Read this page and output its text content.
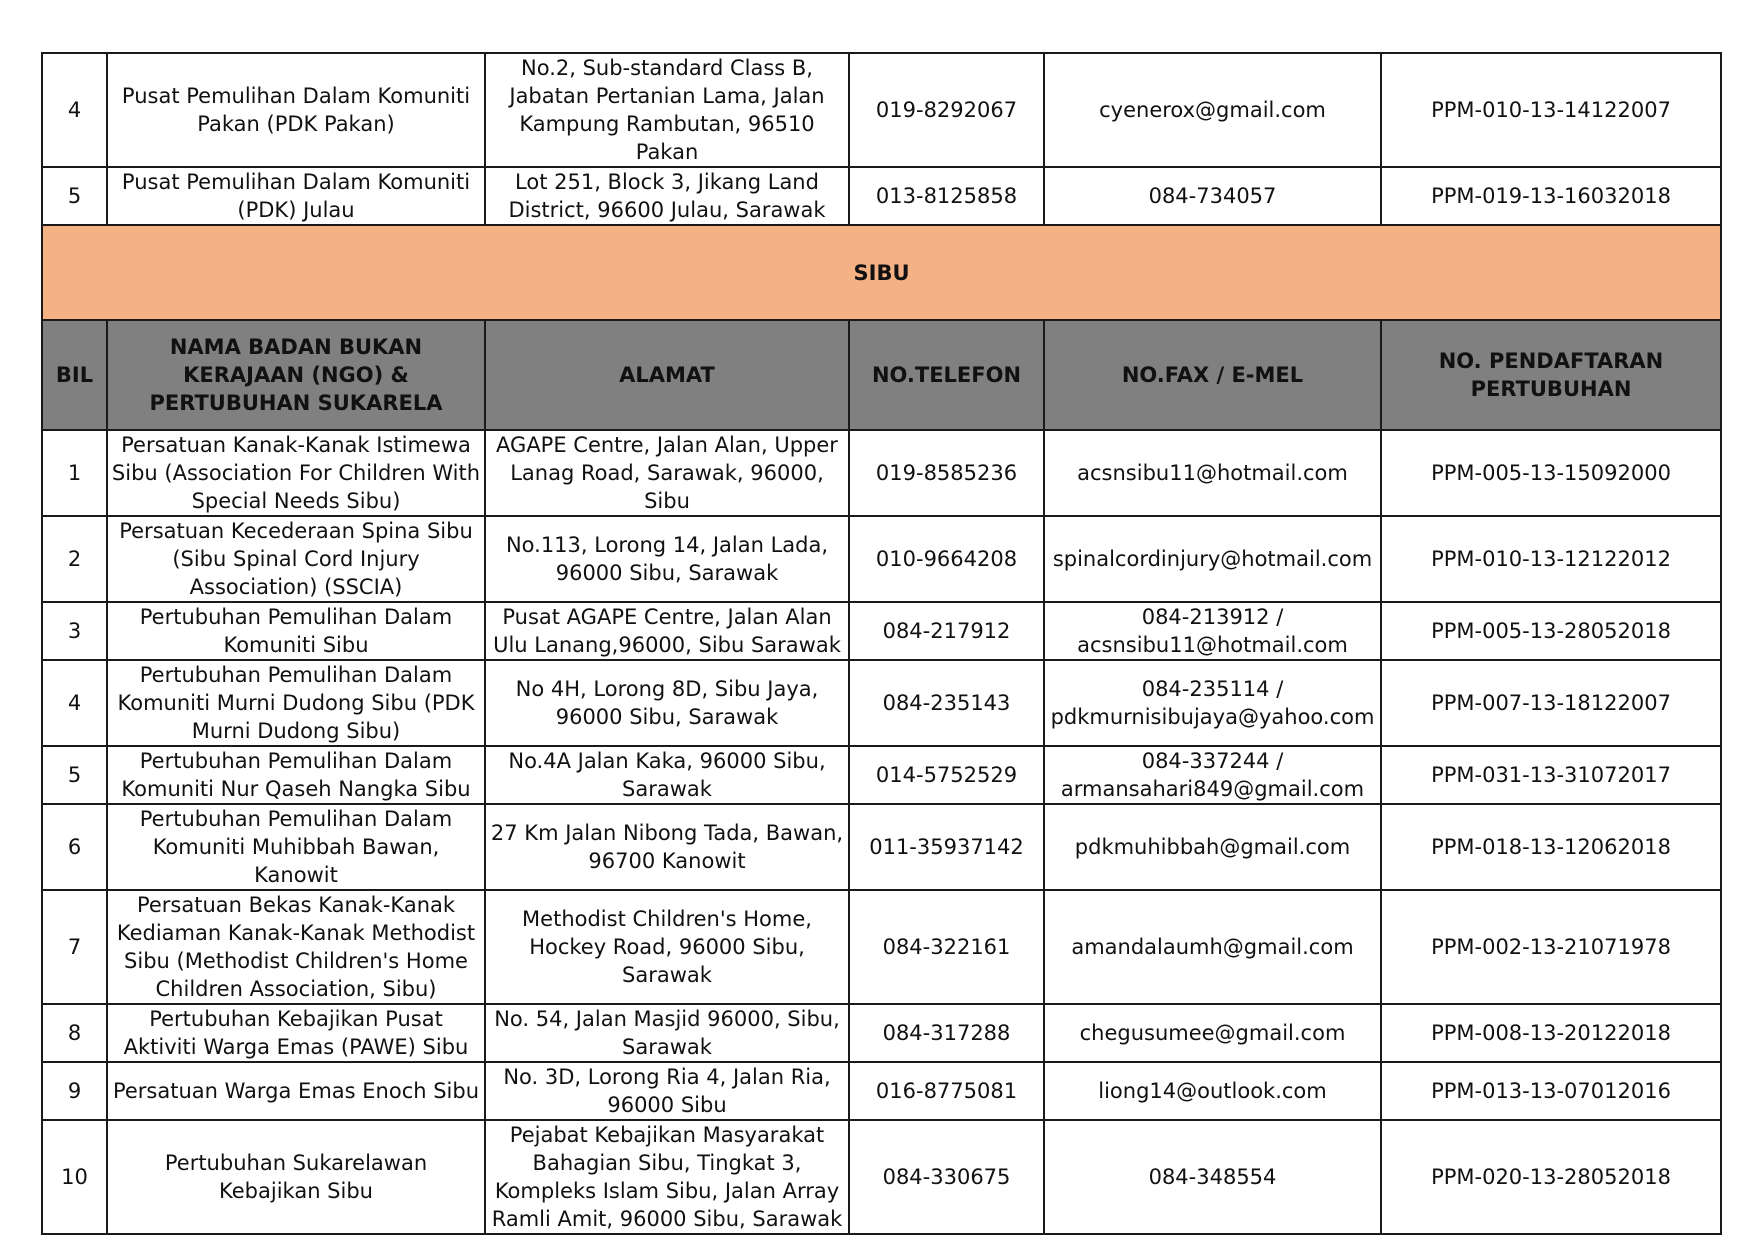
4	Pusat Pemulihan Dalam Komuniti Pakan (PDK Pakan)	No.2, Sub-standard Class B, Jabatan Pertanian Lama, Jalan Kampung Rambutan, 96510 Pakan	019-8292067	cyenerox@gmail.com	PPM-010-13-14122007
5	Pusat Pemulihan Dalam Komuniti (PDK) Julau	Lot 251, Block 3, Jikang Land District, 96600 Julau, Sarawak	013-8125858	084-734057	PPM-019-13-16032018
SIBU					
BIL	NAMA BADAN BUKAN KERAJAAN (NGO) & PERTUBUHAN SUKARELA	ALAMAT	NO.TELEFON	NO.FAX / E-MEL	NO. PENDAFTARAN PERTUBUHAN
1	Persatuan Kanak-Kanak Istimewa Sibu (Association For Children With Special Needs Sibu)	AGAPE Centre, Jalan Alan, Upper Lanag Road, Sarawak, 96000, Sibu	019-8585236	acsnsibu11@hotmail.com	PPM-005-13-15092000
2	Persatuan Kecederaan Spina Sibu (Sibu Spinal Cord Injury Association) (SSCIA)	No.113, Lorong 14, Jalan Lada, 96000 Sibu, Sarawak	010-9664208	spinalcordinjury@hotmail.com	PPM-010-13-12122012
3	Pertubuhan Pemulihan Dalam Komuniti Sibu	Pusat AGAPE Centre, Jalan Alan Ulu Lanang,96000, Sibu Sarawak	084-217912	084-213912 / acsnsibu11@hotmail.com	PPM-005-13-28052018
4	Pertubuhan Pemulihan Dalam Komuniti Murni Dudong Sibu (PDK Murni Dudong Sibu)	No 4H, Lorong 8D, Sibu Jaya, 96000 Sibu, Sarawak	084-235143	084-235114 / pdkmurnisibujaya@yahoo.com	PPM-007-13-18122007
5	Pertubuhan Pemulihan Dalam Komuniti Nur Qaseh Nangka Sibu	No.4A Jalan Kaka, 96000 Sibu, Sarawak	014-5752529	084-337244 / armansahari849@gmail.com	PPM-031-13-31072017
6	Pertubuhan Pemulihan Dalam Komuniti Muhibbah Bawan, Kanowit	27 Km Jalan Nibong Tada, Bawan, 96700 Kanowit	011-35937142	pdkmuhibbah@gmail.com	PPM-018-13-12062018
7	Persatuan Bekas Kanak-Kanak Kediaman Kanak-Kanak Methodist Sibu (Methodist Children's Home Children Association, Sibu)	Methodist Children's Home, Hockey Road, 96000 Sibu, Sarawak	084-322161	amandalaumh@gmail.com	PPM-002-13-21071978
8	Pertubuhan Kebajikan Pusat Aktiviti Warga Emas (PAWE) Sibu	No. 54, Jalan Masjid 96000, Sibu, Sarawak	084-317288	chegusumee@gmail.com	PPM-008-13-20122018
9	Persatuan Warga Emas Enoch Sibu	No. 3D, Lorong Ria 4, Jalan Ria, 96000 Sibu	016-8775081	liong14@outlook.com	PPM-013-13-07012016
10	Pertubuhan Sukarelawan Kebajikan Sibu	Pejabat Kebajikan Masyarakat Bahagian Sibu, Tingkat 3, Kompleks Islam Sibu, Jalan Array Ramli Amit, 96000 Sibu, Sarawak	084-330675	084-348554	PPM-020-13-28052018
